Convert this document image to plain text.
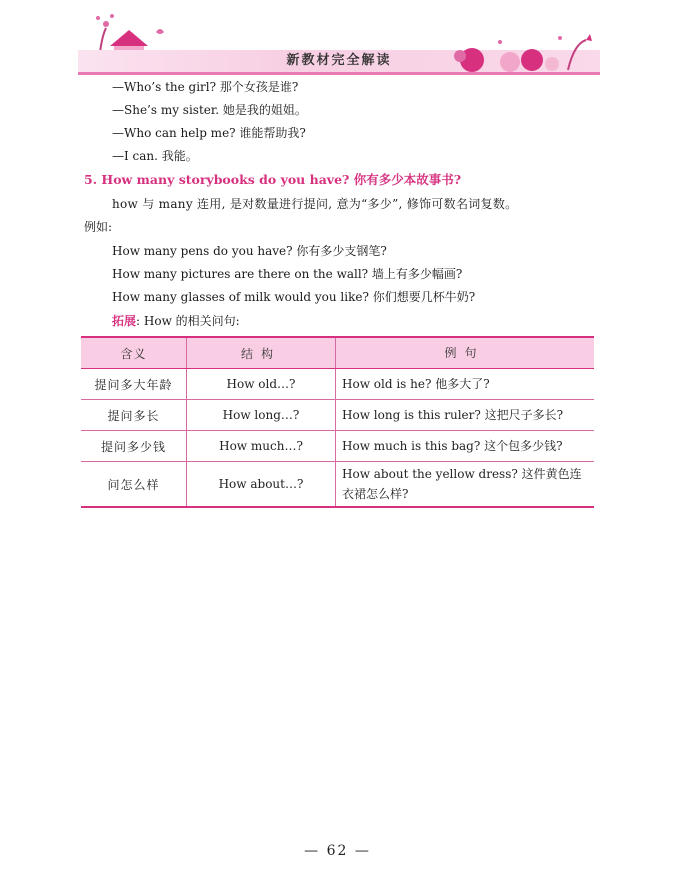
新教材完全解读
—Who’s the girl? 那个女孩是谁?
—She’s my sister. 她是我的姐姐。
—Who can help me? 谁能帮助我?
—I can. 我能。
5. How many storybooks do you have? 你有多少本故事书?
how 与 many 连用, 是对数量进行提问, 意为“多少”, 修饰可数名词复数。
例如:
How many pens do you have? 你有多少支钢笔?
How many pictures are there on the wall? 墙上有多少幅画?
How many glasses of milk would you like? 你们想要几杯牛奶?
拓展: How 的相关问句:
含义	结构	例句
提问多大年龄	How old…?	How old is he? 他多大了?
提问多长	How long…?	How long is this ruler? 这把尺子多长?
提问多少钱	How much…?	How much is this bag? 这个包多少钱?
问怎么样	How about…?	How about the yellow dress? 这件黄色连
衣裙怎么样?
— 62 —
